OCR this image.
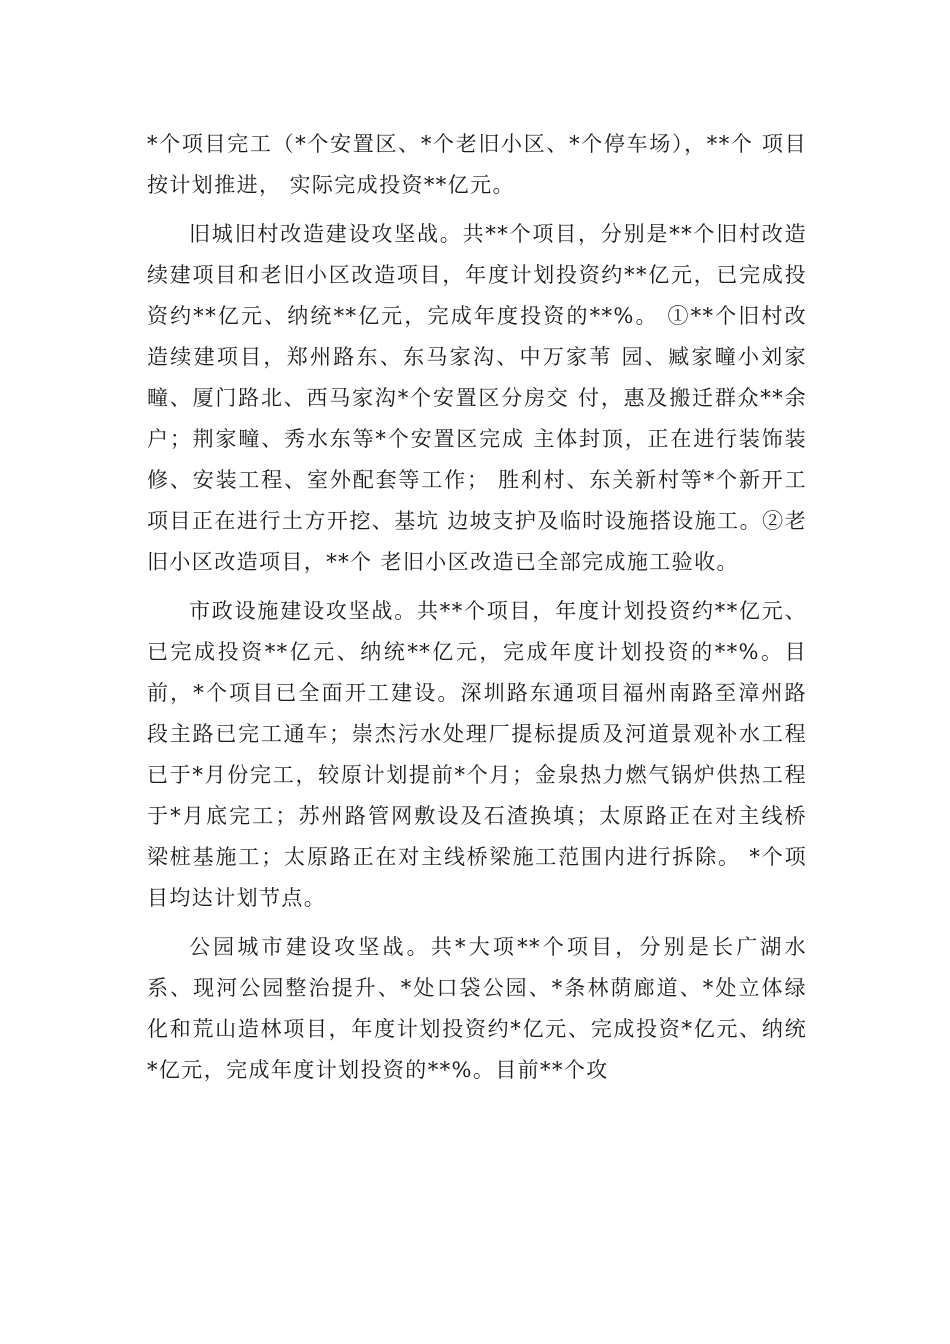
*个项目完工（*个安置区、*个老旧小区、*个停车场），**个 项目按计划推进， 实际完成投资**亿元。

旧城旧村改造建设攻坚战。共**个项目，分别是**个旧村改造续建项目和老旧小区改造项目，年度计划投资约**亿元，已完成投资约**亿元、纳统**亿元，完成年度投资的**%。 ①**个旧村改造续建项目，郑州路东、东马家沟、中万家苇 园、臧家疃小刘家疃、厦门路北、西马家沟*个安置区分房交 付，惠及搬迁群众**余户；荆家疃、秀水东等*个安置区完成 主体封顶，正在进行装饰装修、安装工程、室外配套等工作； 胜利村、东关新村等*个新开工项目正在进行土方开挖、基坑 边坡支护及临时设施搭设施工。②老旧小区改造项目，**个 老旧小区改造已全部完成施工验收。

市政设施建设攻坚战。共**个项目，年度计划投资约**亿元、已完成投资**亿元、纳统**亿元，完成年度计划投资的**%。目前，*个项目已全面开工建设。深圳路东通项目福州南路至漳州路段主路已完工通车；崇杰污水处理厂提标提质及河道景观补水工程已于*月份完工，较原计划提前*个月；金泉热力燃气锅炉供热工程于*月底完工；苏州路管网敷设及石渣换填；太原路正在对主线桥梁桩基施工；太原路正在对主线桥梁施工范围内进行拆除。 *个项目均达计划节点。

公园城市建设攻坚战。共*大项**个项目，分别是长广湖水系、现河公园整治提升、*处口袋公园、*条林荫廊道、*处立体绿化和荒山造林项目，年度计划投资约*亿元、完成投资*亿元、纳统*亿元，完成年度计划投资的**%。目前**个攻
